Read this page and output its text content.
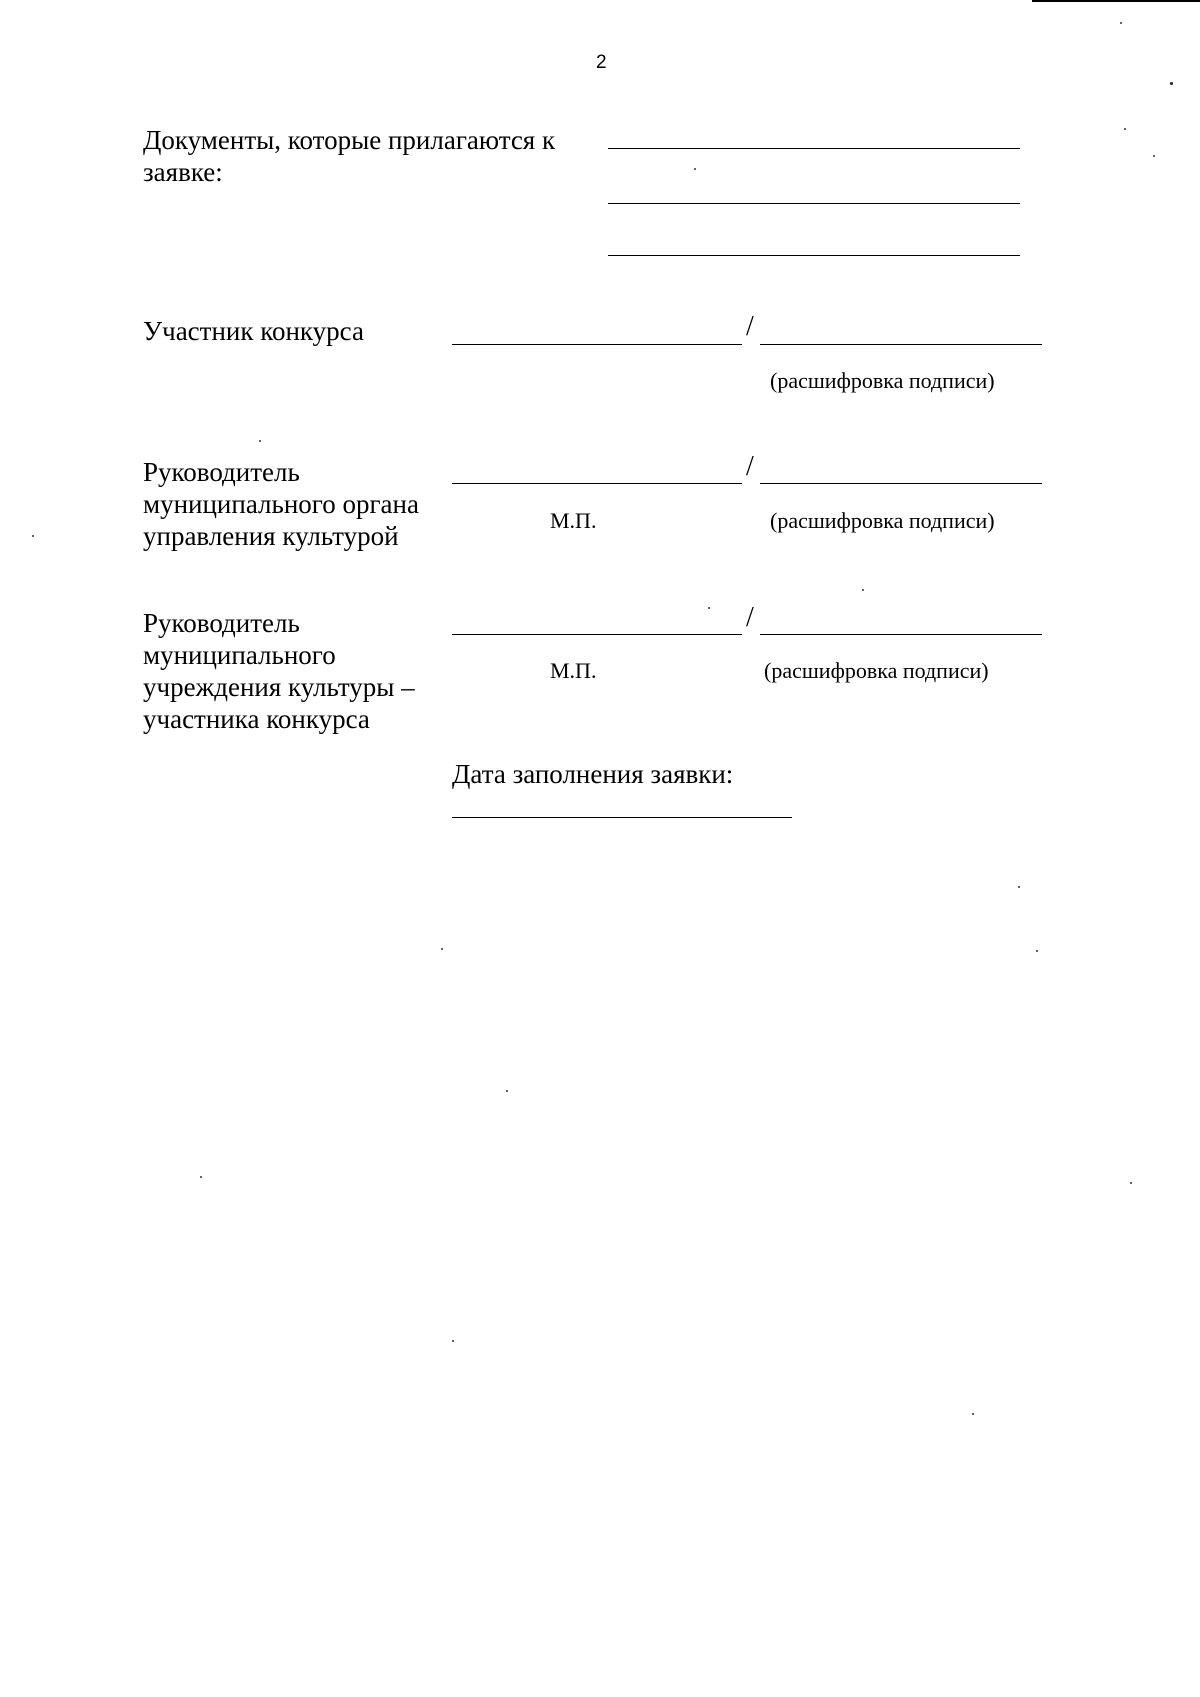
2
Документы, которые прилагаются к заявке:
Участник конкурса	/
(расшифровка подписи)
Руководитель муниципального органа управления культурой
/
М.П.	(расшифровка подписи)
Руководитель муниципального учреждения культуры – участника конкурса
/
М.П.	(расшифровка подписи)
Дата заполнения заявки:
